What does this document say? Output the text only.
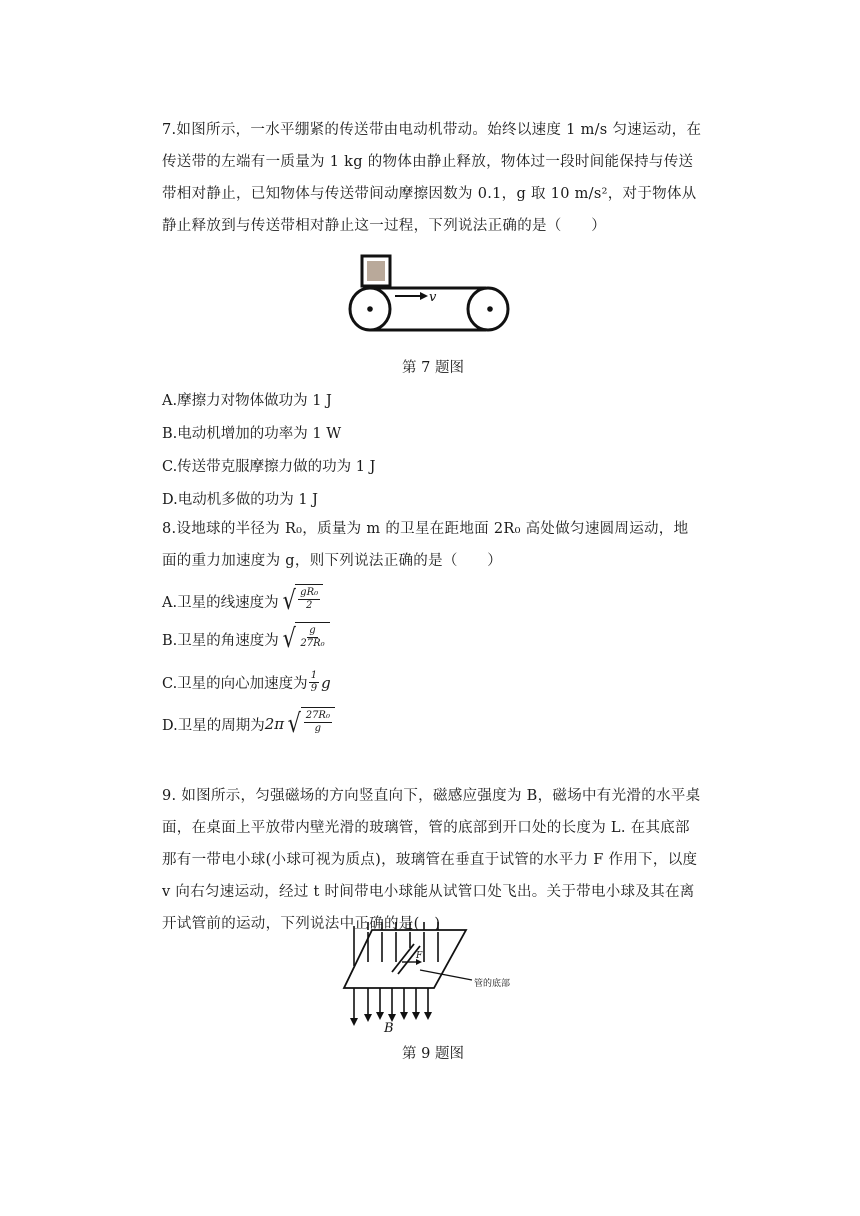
7.如图所示，一水平绷紧的传送带由电动机带动。始终以速度 1 m/s 匀速运动，在传送带的左端有一质量为 1 kg 的物体由静止释放，物体过一段时间能保持与传送带相对静止，已知物体与传送带间动摩擦因数为 0.1，g 取 10 m/s²，对于物体从静止释放到与传送带相对静止这一过程，下列说法正确的是（　　）

v
第 7 题图
A.摩擦力对物体做功为 1 J
B.电动机增加的功率为 1 W
C.传送带克服摩擦力做的功为 1 J
D.电动机多做的功为 1 J

8.设地球的半径为 R₀，质量为 m 的卫星在距地面 2R₀ 高处做匀速圆周运动，地面的重力加速度为 g，则下列说法正确的是（　　）

A.卫星的线速度为 √ $\frac{\text{gR₀}}{2}$
B.卫星的角速度为 √ $\frac{g}{\text{27R₀}}$
C.卫星的向心加速度为 $\frac{1}{9}$ g
D.卫星的周期为 2π √ $\frac{\text{27R₀}}{g}$

9. 如图所示，匀强磁场的方向竖直向下，磁感应强度为 B，磁场中有光滑的水平桌面，在桌面上平放带内壁光滑的玻璃管，管的底部到开口处的长度为 L. 在其底部那有一带电小球(小球可视为质点)，玻璃管在垂直于试管的水平力 F 作用下，以度 v 向右匀速运动，经过 t 时间带电小球能从试管口处飞出。关于带电小球及其在离开试管前的运动，下列说法中正确的是(　)

F
管的底部
B
第 9 题图
